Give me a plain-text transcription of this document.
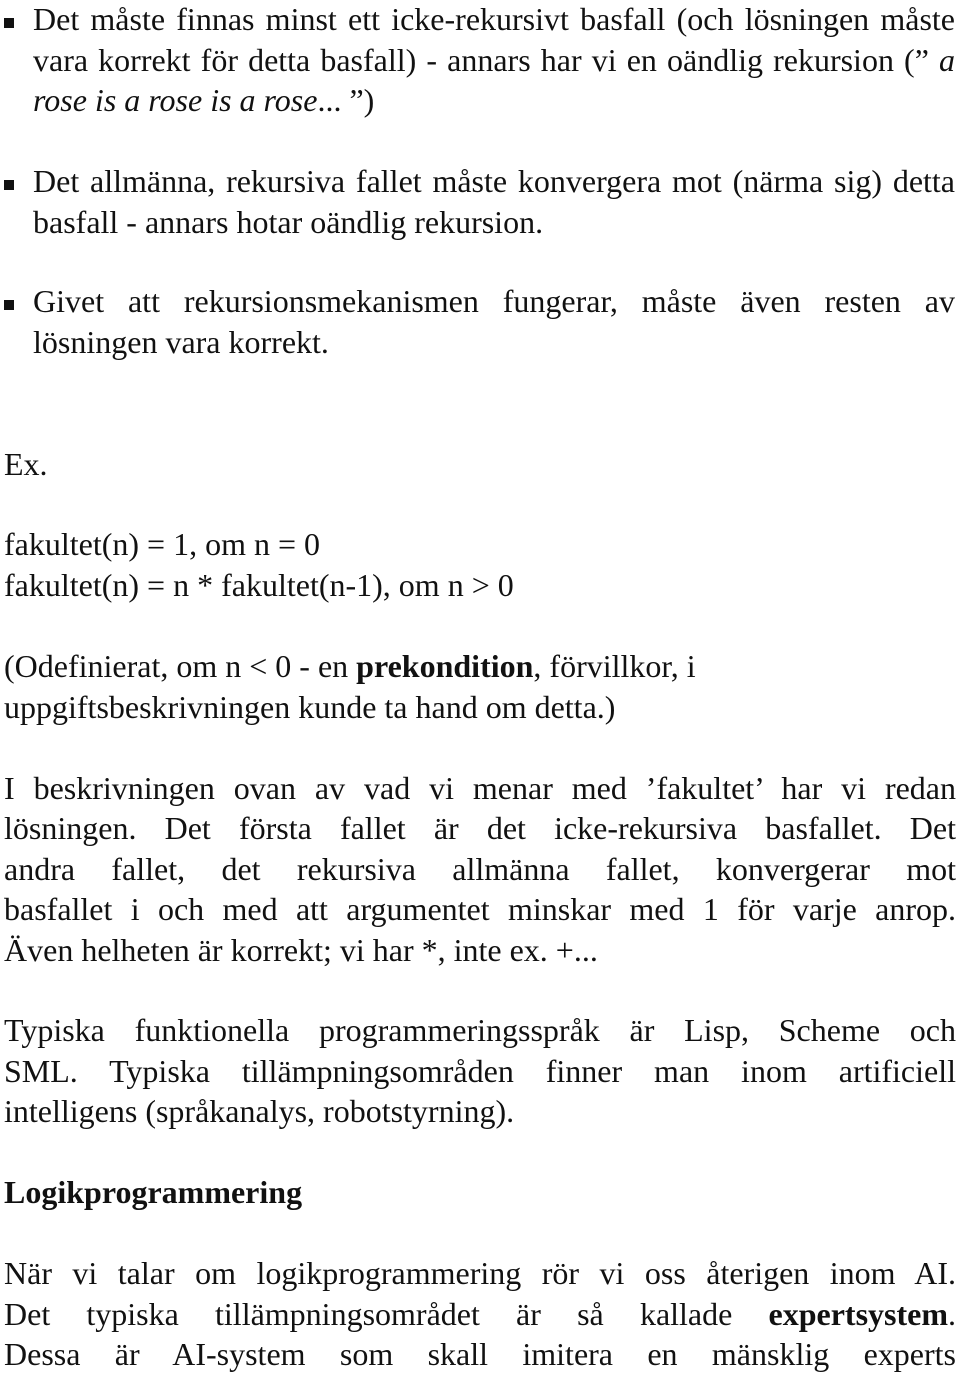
Det måste finnas minst ett icke-rekursivt basfall (och lösningen måste vara korrekt för detta basfall) - annars har vi en oändlig rekursion (” a rose is a rose is a rose... ”)
Det allmänna, rekursiva fallet måste konvergera mot (närma sig) detta basfall - annars hotar oändlig rekursion.
Givet att rekursionsmekanismen fungerar, måste även resten av lösningen vara korrekt.
Ex.
fakultet(n) = 1, om n = 0
fakultet(n) = n * fakultet(n-1), om n > 0
(Odefinierat, om n < 0 - en prekondition, förvillkor, i
uppgiftsbeskrivningen kunde ta hand om detta.)
I beskrivningen ovan av vad vi menar med ’fakultet’ har vi redan
lösningen. Det första fallet är det icke-rekursiva basfallet. Det
andra fallet, det rekursiva allmänna fallet, konvergerar mot
basfallet i och med att argumentet minskar med 1 för varje anrop.
Även helheten är korrekt; vi har *, inte ex. +...
Typiska funktionella programmeringsspråk är Lisp, Scheme och
SML. Typiska tillämpningsområden finner man inom artificiell
intelligens (språkanalys, robotstyrning).
Logikprogrammering
När vi talar om logikprogrammering rör vi oss återigen inom AI.
Det typiska tillämpningsområdet är så kallade expertsystem.
Dessa är AI-system som skall imitera en mänsklig experts
